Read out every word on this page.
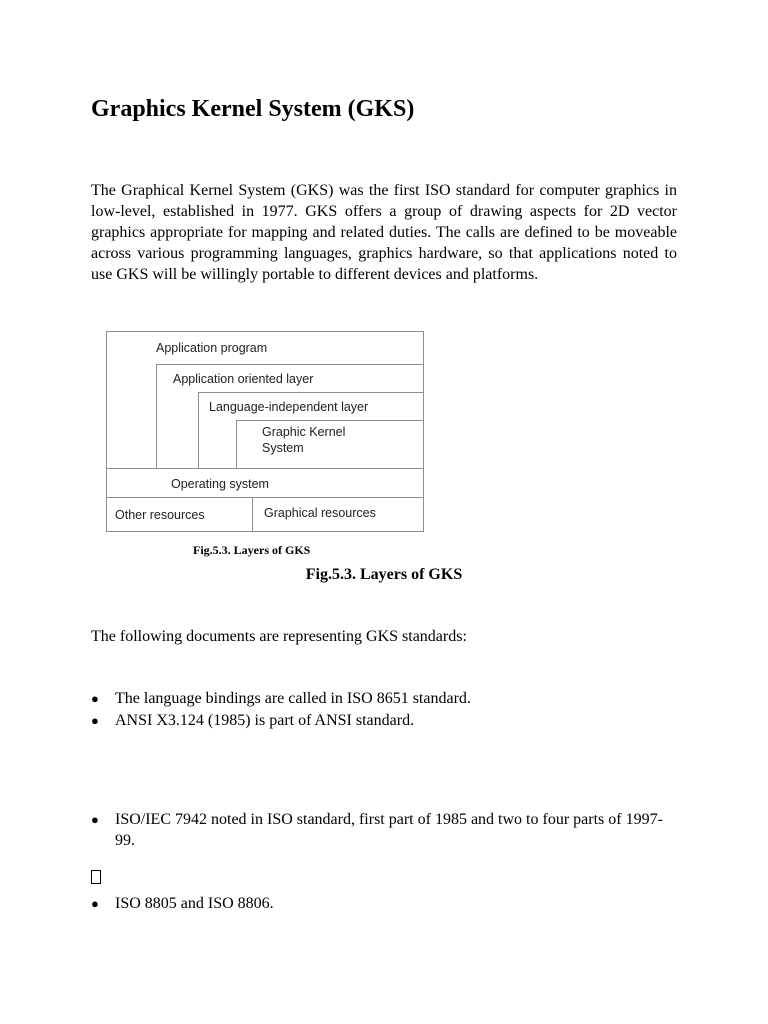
Graphics Kernel System (GKS)

The Graphical Kernel System (GKS) was the first ISO standard for computer graphics in low-level, established in 1977. GKS offers a group of drawing aspects for 2D vector graphics appropriate for mapping and related duties. The calls are defined to be moveable across various programming languages, graphics hardware, so that applications noted to use GKS will be willingly portable to different devices and platforms.

Application program
Application oriented layer
Language-independent layer
Graphic Kernel System
Operating system
Other resources	Graphical resources

Fig.5.3. Layers of GKS

Fig.5.3. Layers of GKS

The following documents are representing GKS standards:

●	The language bindings are called in ISO 8651 standard.
●	ANSI X3.124 (1985) is part of ANSI standard.
●	ISO/IEC 7942 noted in ISO standard, first part of 1985 and two to four parts of 1997-99.
●	ISO 8805 and ISO 8806.
